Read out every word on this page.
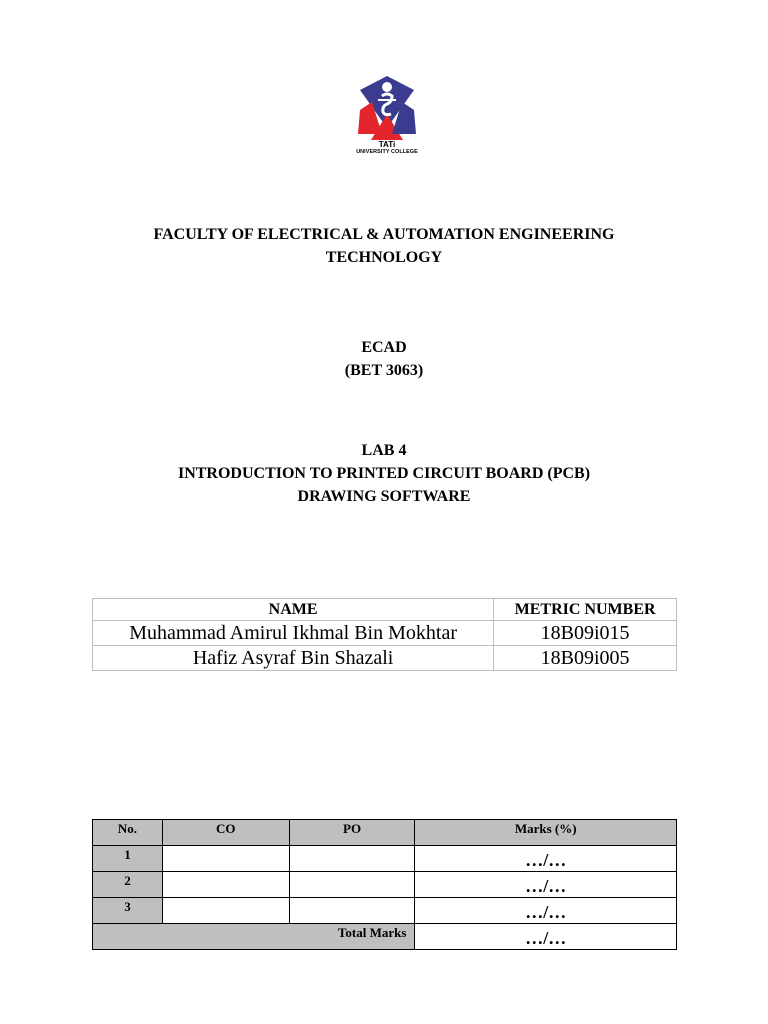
TATi
UNIVERSITY COLLEGE
FACULTY OF ELECTRICAL & AUTOMATION ENGINEERING
TECHNOLOGY
ECAD
(BET 3063)
LAB 4
INTRODUCTION TO PRINTED CIRCUIT BOARD (PCB)
DRAWING SOFTWARE
NAME	METRIC NUMBER
Muhammad Amirul Ikhmal Bin Mokhtar	18B09i015
Hafiz Asyraf Bin Shazali	18B09i005
No.	CO	PO	Marks (%)
1			…/…
2			…/…
3			…/…
Total Marks			…/…
